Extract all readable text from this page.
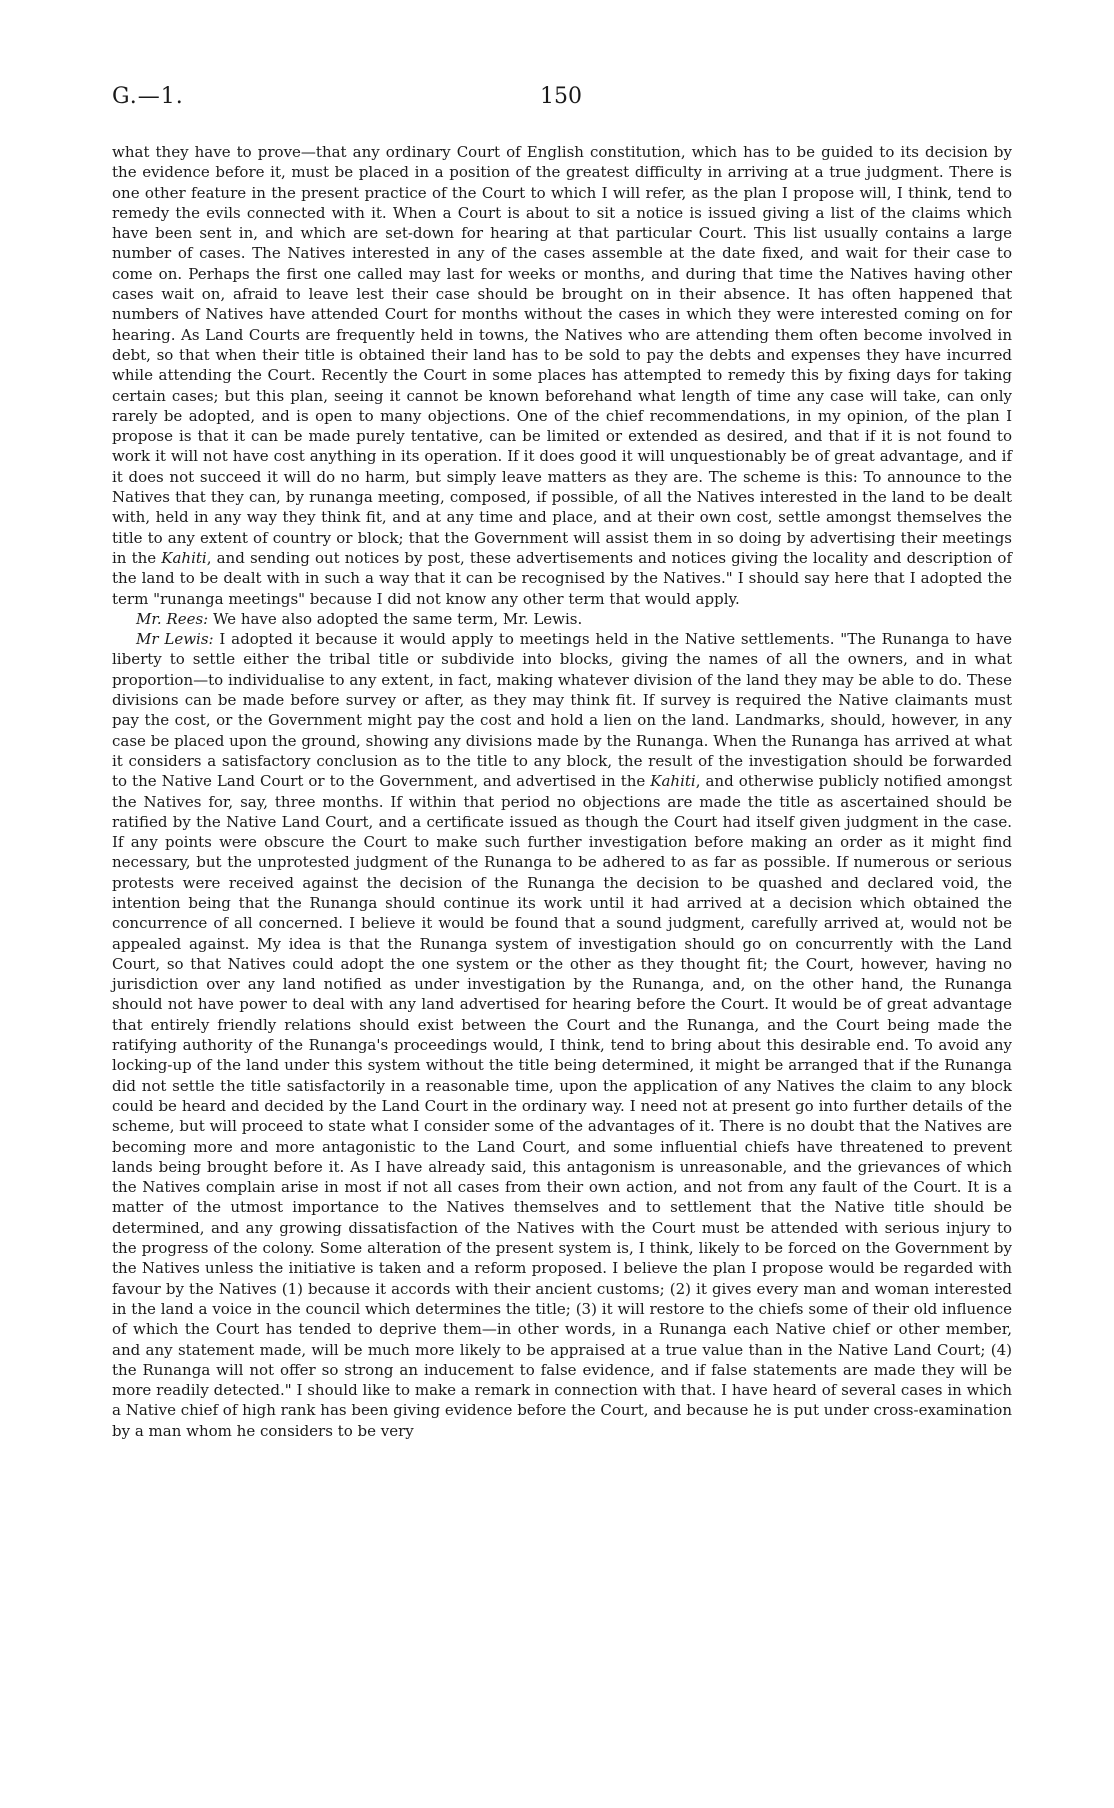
G.—1.	150

what they have to prove—that any ordinary Court of English constitution, which has to be guided to its decision by the evidence before it, must be placed in a position of the greatest difficulty in arriving at a true judgment. There is one other feature in the present practice of the Court to which I will refer, as the plan I propose will, I think, tend to remedy the evils connected with it. When a Court is about to sit a notice is issued giving a list of the claims which have been sent in, and which are set-down for hearing at that particular Court. This list usually contains a large number of cases. The Natives interested in any of the cases assemble at the date fixed, and wait for their case to come on. Perhaps the first one called may last for weeks or months, and during that time the Natives having other cases wait on, afraid to leave lest their case should be brought on in their absence. It has often happened that numbers of Natives have attended Court for months without the cases in which they were interested coming on for hearing. As Land Courts are frequently held in towns, the Natives who are attending them often become involved in debt, so that when their title is obtained their land has to be sold to pay the debts and expenses they have incurred while attending the Court. Recently the Court in some places has attempted to remedy this by fixing days for taking certain cases; but this plan, seeing it cannot be known beforehand what length of time any case will take, can only rarely be adopted, and is open to many objections. One of the chief recommendations, in my opinion, of the plan I propose is that it can be made purely tentative, can be limited or extended as desired, and that if it is not found to work it will not have cost anything in its operation. If it does good it will unquestionably be of great advantage, and if it does not succeed it will do no harm, but simply leave matters as they are. The scheme is this: To announce to the Natives that they can, by runanga meeting, composed, if possible, of all the Natives interested in the land to be dealt with, held in any way they think fit, and at any time and place, and at their own cost, settle amongst themselves the title to any extent of country or block; that the Government will assist them in so doing by advertising their meetings in the Kahiti, and sending out notices by post, these advertisements and notices giving the locality and description of the land to be dealt with in such a way that it can be recognised by the Natives." I should say here that I adopted the term "runanga meetings" because I did not know any other term that would apply.

Mr. Rees: We have also adopted the same term, Mr. Lewis.

Mr Lewis: I adopted it because it would apply to meetings held in the Native settlements. "The Runanga to have liberty to settle either the tribal title or subdivide into blocks, giving the names of all the owners, and in what proportion—to individualise to any extent, in fact, making whatever division of the land they may be able to do. These divisions can be made before survey or after, as they may think fit. If survey is required the Native claimants must pay the cost, or the Government might pay the cost and hold a lien on the land. Landmarks, should, however, in any case be placed upon the ground, showing any divisions made by the Runanga. When the Runanga has arrived at what it considers a satisfactory conclusion as to the title to any block, the result of the investigation should be forwarded to the Native Land Court or to the Government, and advertised in the Kahiti, and otherwise publicly notified amongst the Natives for, say, three months. If within that period no objections are made the title as ascertained should be ratified by the Native Land Court, and a certificate issued as though the Court had itself given judgment in the case. If any points were obscure the Court to make such further investigation before making an order as it might find necessary, but the unprotested judgment of the Runanga to be adhered to as far as possible. If numerous or serious protests were received against the decision of the Runanga the decision to be quashed and declared void, the intention being that the Runanga should continue its work until it had arrived at a decision which obtained the concurrence of all concerned. I believe it would be found that a sound judgment, carefully arrived at, would not be appealed against. My idea is that the Runanga system of investigation should go on concurrently with the Land Court, so that Natives could adopt the one system or the other as they thought fit; the Court, however, having no jurisdiction over any land notified as under investigation by the Runanga, and, on the other hand, the Runanga should not have power to deal with any land advertised for hearing before the Court. It would be of great advantage that entirely friendly relations should exist between the Court and the Runanga, and the Court being made the ratifying authority of the Runanga's proceedings would, I think, tend to bring about this desirable end. To avoid any locking-up of the land under this system without the title being determined, it might be arranged that if the Runanga did not settle the title satisfactorily in a reasonable time, upon the application of any Natives the claim to any block could be heard and decided by the Land Court in the ordinary way. I need not at present go into further details of the scheme, but will proceed to state what I consider some of the advantages of it. There is no doubt that the Natives are becoming more and more antagonistic to the Land Court, and some influential chiefs have threatened to prevent lands being brought before it. As I have already said, this antagonism is unreasonable, and the grievances of which the Natives complain arise in most if not all cases from their own action, and not from any fault of the Court. It is a matter of the utmost importance to the Natives themselves and to settlement that the Native title should be determined, and any growing dissatisfaction of the Natives with the Court must be attended with serious injury to the progress of the colony. Some alteration of the present system is, I think, likely to be forced on the Government by the Natives unless the initiative is taken and a reform proposed. I believe the plan I propose would be regarded with favour by the Natives (1) because it accords with their ancient customs; (2) it gives every man and woman interested in the land a voice in the council which determines the title; (3) it will restore to the chiefs some of their old influence of which the Court has tended to deprive them—in other words, in a Runanga each Native chief or other member, and any statement made, will be much more likely to be appraised at a true value than in the Native Land Court; (4) the Runanga will not offer so strong an inducement to false evidence, and if false statements are made they will be more readily detected." I should like to make a remark in connection with that. I have heard of several cases in which a Native chief of high rank has been giving evidence before the Court, and because he is put under cross-examination by a man whom he considers to be very
